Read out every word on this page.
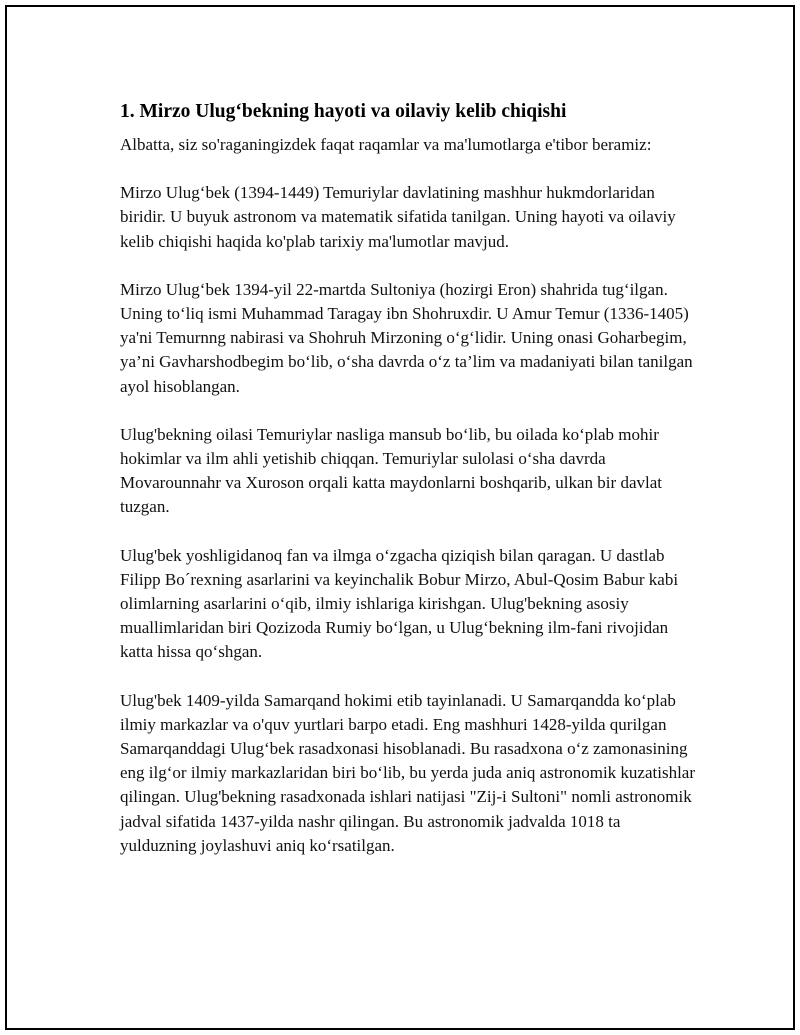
1. Mirzo Ulug‘bekning hayoti va oilaviy kelib chiqishi

Albatta, siz so'raganingizdek faqat raqamlar va ma'lumotlarga e'tibor beramiz:

Mirzo Ulug‘bek (1394-1449) Temuriylar davlatining mashhur hukmdorlaridan biridir. U buyuk astronom va matematik sifatida tanilgan. Uning hayoti va oilaviy kelib chiqishi haqida ko'plab tarixiy ma'lumotlar mavjud.

Mirzo Ulug‘bek 1394-yil 22-martda Sultoniya (hozirgi Eron) shahrida tug‘ilgan. Uning to‘liq ismi Muhammad Taragay ibn Shohruxdir. U Amur Temur (1336-1405) ya'ni Temurnng nabirasi va Shohruh Mirzoning o‘g‘lidir. Uning onasi Goharbegim, ya’ni Gavharshodbegim bo‘lib, o‘sha davrda o‘z ta’lim va madaniyati bilan tanilgan ayol hisoblangan.

Ulug'bekning oilasi Temuriylar nasliga mansub bo‘lib, bu oilada ko‘plab mohir hokimlar va ilm ahli yetishib chiqqan. Temuriylar sulolasi o‘sha davrda Movarounnahr va Xuroson orqali katta maydonlarni boshqarib, ulkan bir davlat tuzgan.

Ulug'bek yoshligidanoq fan va ilmga o‘zgacha qiziqish bilan qaragan. U dastlab Filipp Bo´rexning asarlarini va keyinchalik Bobur Mirzo, Abul-Qosim Babur kabi olimlarning asarlarini o‘qib, ilmiy ishlariga kirishgan. Ulug'bekning asosiy muallimlaridan biri Qozizoda Rumiy bo‘lgan, u Ulug‘bekning ilm-fani rivojidan katta hissa qo‘shgan.

Ulug'bek 1409-yilda Samarqand hokimi etib tayinlanadi. U Samarqandda ko‘plab ilmiy markazlar va o'quv yurtlari barpo etadi. Eng mashhuri 1428-yilda qurilgan Samarqanddagi Ulug‘bek rasadxonasi hisoblanadi. Bu rasadxona o‘z zamonasining eng ilg‘or ilmiy markazlaridan biri bo‘lib, bu yerda juda aniq astronomik kuzatishlar qilingan. Ulug'bekning rasadxonada ishlari natijasi "Zij-i Sultoni" nomli astronomik jadval sifatida 1437-yilda nashr qilingan. Bu astronomik jadvalda 1018 ta yulduzning joylashuvi aniq ko‘rsatilgan.
